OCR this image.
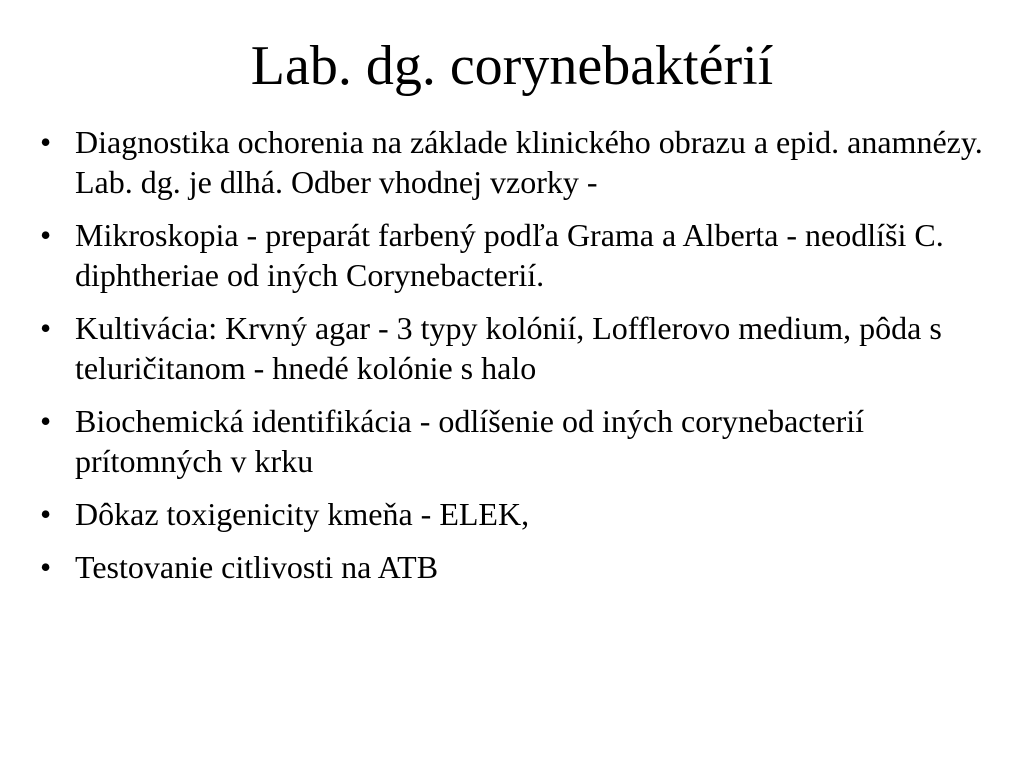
Lab. dg. corynebaktérií
• Diagnostika ochorenia na základe klinického obrazu a epid. anamnézy. Lab. dg. je dlhá. Odber vhodnej vzorky -
• Mikroskopia - preparát farbený podľa Grama a Alberta - neodlíši C. diphtheriae od iných Corynebacterií.
• Kultivácia: Krvný agar - 3 typy kolónií, Lofflerovo medium, pôda s teluričitanom - hnedé kolónie s halo
• Biochemická identifikácia - odlíšenie od iných corynebacterií prítomných v krku
• Dôkaz toxigenicity kmeňa - ELEK,
• Testovanie citlivosti na ATB
